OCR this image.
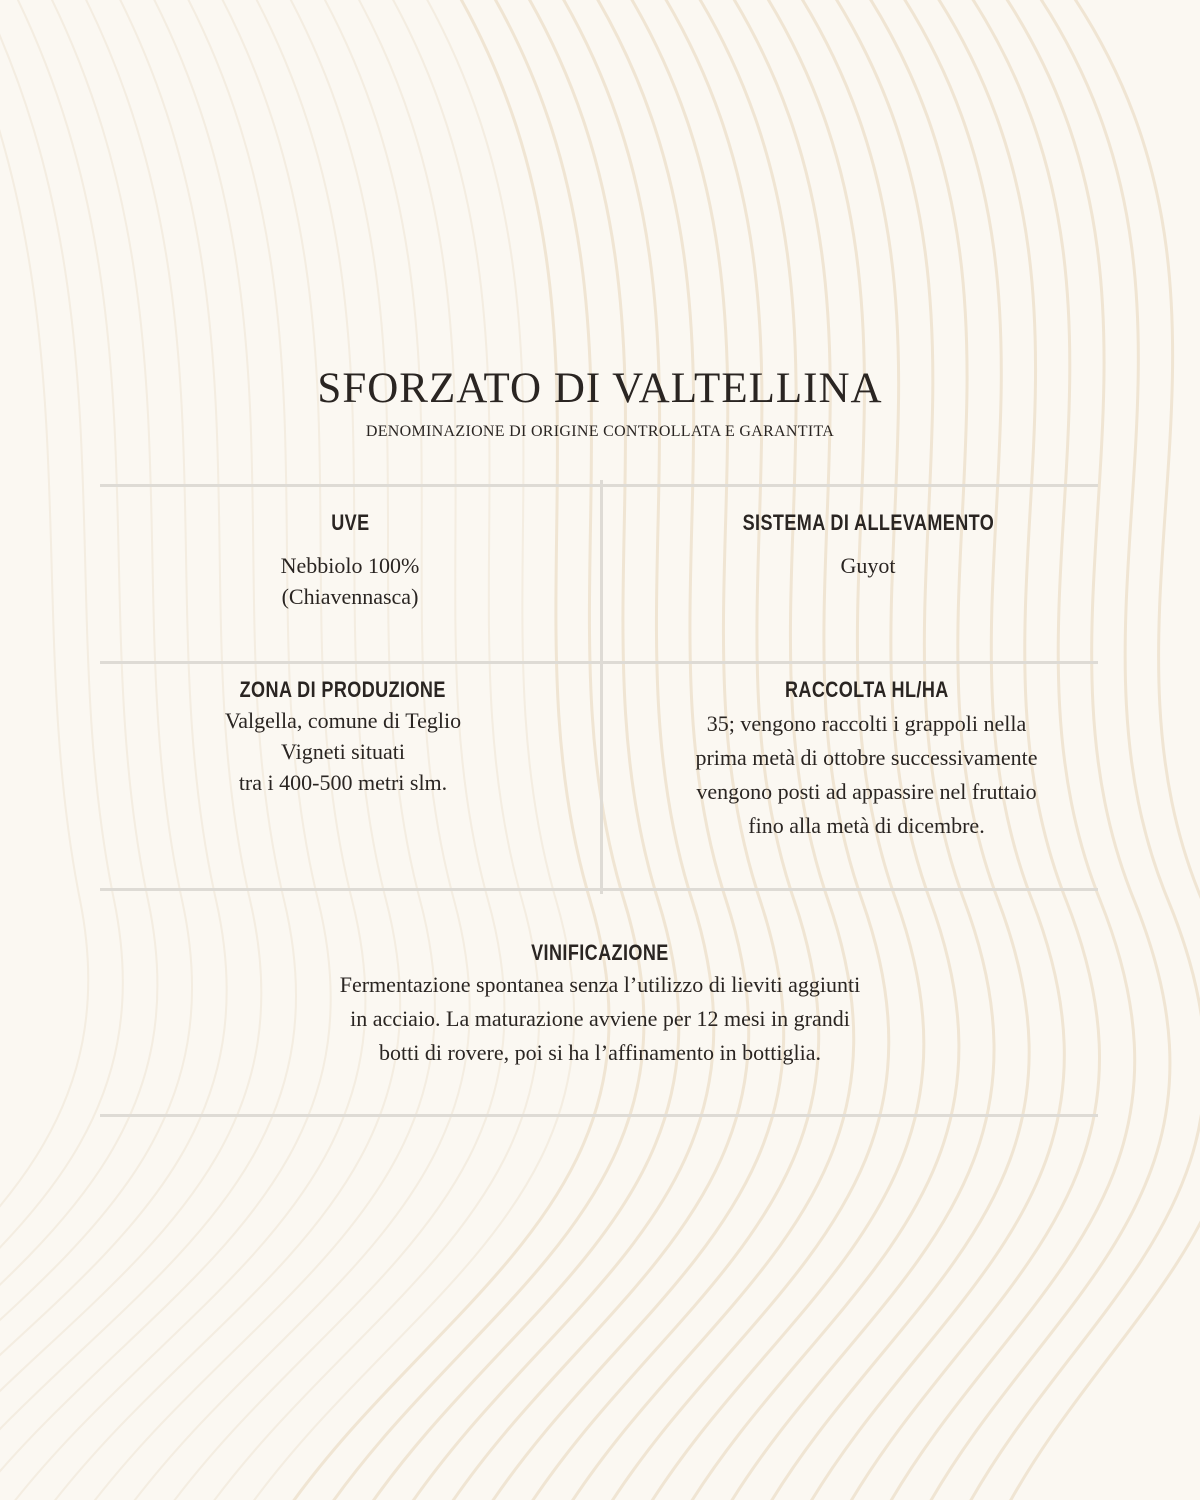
SFORZATO DI VALTELLINA
DENOMINAZIONE DI ORIGINE CONTROLLATA E GARANTITA
UVE
Nebbiolo 100%
(Chiavennasca)
SISTEMA DI ALLEVAMENTO
Guyot
ZONA DI PRODUZIONE
Valgella, comune di Teglio
Vigneti situati
tra i 400-500 metri slm.
RACCOLTA HL/HA
35; vengono raccolti i grappoli nella
prima metà di ottobre successivamente
vengono posti ad appassire nel fruttaio
fino alla metà di dicembre.
VINIFICAZIONE
Fermentazione spontanea senza l’utilizzo di lieviti aggiunti
in acciaio. La maturazione avviene per 12 mesi in grandi
botti di rovere, poi si ha l’affinamento in bottiglia.
